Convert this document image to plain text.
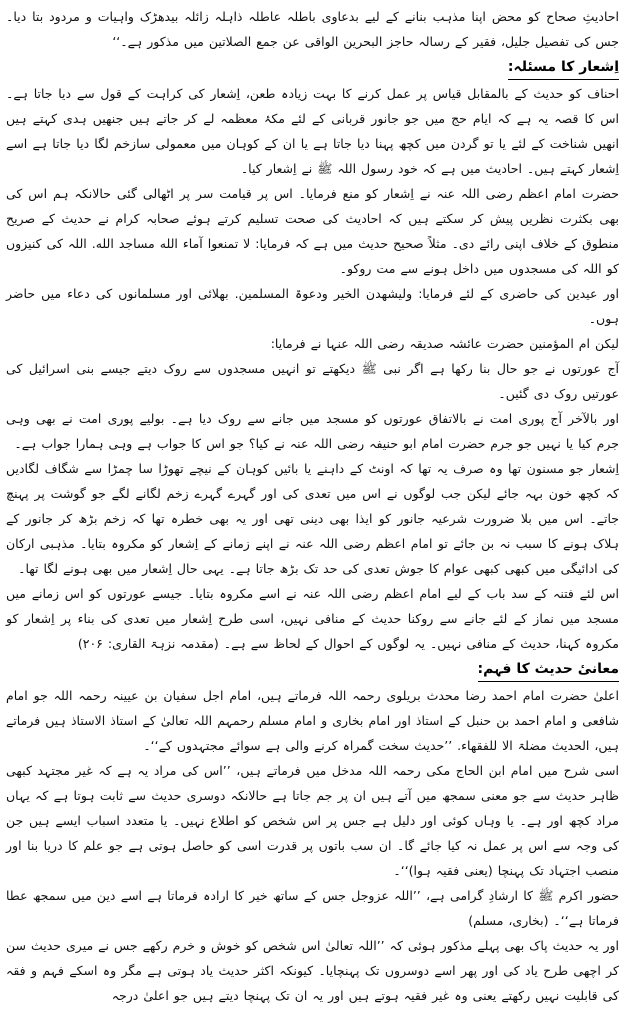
احادیثِ صحاح کو محض اپنا مذہب بنانے کے لیے بدعاوی باطلہ عاطلہ ذاہلہ زائلہ بیدھڑک واہیات و مردود بتا دیا۔ جس کی تفصیل جلیل، فقیر کے رسالہ حاجز البحرین الواقی عن جمع الصلاتین میں مذکور ہے۔‘‘

اِشعار کا مسئلہ:

احناف کو حدیث کے بالمقابل قیاس پر عمل کرنے کا بہت زیادہ طعن، اِشعار کی کراہت کے قول سے دیا جاتا ہے۔ اس کا قصہ یہ ہے کہ ایام حج میں جو جانور قربانی کے لئے مکۂ معظمہ لے کر جاتے ہیں جنھیں ہدی کہتے ہیں انھیں شناخت کے لئے یا تو گردن میں کچھ پہنا دیا جاتا ہے یا ان کے کوہان میں معمولی سازخم لگا دیا جاتا ہے اسے اِشعار کہتے ہیں۔ احادیث میں ہے کہ خود رسول اللہ ﷺ نے اِشعار کیا۔

حضرت امام اعظم رضی اللہ عنہ نے اِشعار کو منع فرمایا۔ اس پر قیامت سر پر اٹھالی گئی حالانکہ ہم اس کی بھی بکثرت نظریں پیش کر سکتے ہیں کہ احادیث کی صحت تسلیم کرتے ہوئے صحابہ کرام نے حدیث کے صریح منطوق کے خلاف اپنی رائے دی۔ مثلاً صحیح حدیث میں ہے کہ فرمایا: لا تمنعوا آماء الله مساجد الله. اللہ کی کنیزوں کو اللہ کی مسجدوں میں داخل ہونے سے مت روکو۔

اور عیدین کی حاضری کے لئے فرمایا: ولیشھدن الخیر ودعوۃ المسلمین. بھلائی اور مسلمانوں کی دعاء میں حاضر ہوں۔

لیکن ام المؤمنین حضرت عائشہ صدیقہ رضی اللہ عنہا نے فرمایا:

آج عورتوں نے جو حال بنا رکھا ہے اگر نبی ﷺ دیکھتے تو انہیں مسجدوں سے روک دیتے جیسے بنی اسرائیل کی عورتیں روک دی گئیں۔

اور بالآخر آج پوری امت نے بالاتفاق عورتوں کو مسجد میں جانے سے روک دیا ہے۔ بولیے پوری امت نے بھی وہی جرم کیا یا نہیں جو جرم حضرت امام ابو حنیفہ رضی اللہ عنہ نے کیا؟ جو اس کا جواب ہے وہی ہمارا جواب ہے۔

اِشعار جو مسنون تھا وہ صرف یہ تھا کہ اونٹ کے داہنے یا بائیں کوہان کے نیچے تھوڑا سا چمڑا سے شگاف لگادیں کہ کچھ خون بہہ جائے لیکن جب لوگوں نے اس میں تعدی کی اور گہرے گہرے زخم لگانے لگے جو گوشت پر پہنچ جاتے۔ اس میں بلا ضرورت شرعیہ جانور کو ایذا بھی دینی تھی اور یہ بھی خطرہ تھا کہ زخم بڑھ کر جانور کے ہلاک ہونے کا سبب نہ بن جائے تو امام اعظم رضی اللہ عنہ نے اپنے زمانے کے اِشعار کو مکروہ بتایا۔ مذہبی ارکان کی ادائیگی میں کبھی کبھی عوام کا جوش تعدی کی حد تک بڑھ جاتا ہے۔ یہی حال اِشعار میں بھی ہونے لگا تھا۔

اس لئے فتنہ کے سد باب کے لیے امام اعظم رضی اللہ عنہ نے اسے مکروہ بتایا۔ جیسے عورتوں کو اس زمانے میں مسجد میں نماز کے لئے جانے سے روکنا حدیث کے منافی نہیں، اسی طرح اِشعار میں تعدی کی بناء پر اِشعار کو مکروہ کہنا، حدیث کے منافی نہیں۔ یہ لوگوں کے احوال کے لحاظ سے ہے۔ (مقدمہ نزہۃ القاری: ۲۰۶)

معانیٔ حدیث کا فہم:

اعلیٰ حضرت امام احمد رضا محدث بریلوی رحمہ اللہ فرماتے ہیں، امام اجل سفیان بن عیینہ رحمہ اللہ جو امام شافعی و امام احمد بن حنبل کے استاذ اور امام بخاری و امام مسلم رحمہم اللہ تعالیٰ کے استاذ الاستاذ ہیں فرماتے ہیں، الحدیث مضلۃ الا للفقھاء. ’’حدیث سخت گمراہ کرنے والی ہے سوائے مجتہدوں کے‘‘۔

اسی شرح میں امام ابن الحاج مکی رحمہ اللہ مدخل میں فرماتے ہیں، ’’اس کی مراد یہ ہے کہ غیر مجتہد کبھی ظاہر حدیث سے جو معنی سمجھ میں آتے ہیں ان پر جم جاتا ہے حالانکہ دوسری حدیث سے ثابت ہوتا ہے کہ یہاں مراد کچھ اور ہے۔ یا وہاں کوئی اور دلیل ہے جس پر اس شخص کو اطلاع نہیں۔ یا متعدد اسباب ایسے ہیں جن کی وجہ سے اس پر عمل نہ کیا جائے گا۔ ان سب باتوں پر قدرت اسی کو حاصل ہوتی ہے جو علم کا دریا بنا اور منصب اجتہاد تک پہنچا (یعنی فقیہ ہوا)‘‘۔

حضور اکرم ﷺ کا ارشادِ گرامی ہے، ’’اللہ عزوجل جس کے ساتھ خیر کا ارادہ فرماتا ہے اسے دین میں سمجھ عطا فرماتا ہے‘‘۔ (بخاری، مسلم)

اور یہ حدیث پاک بھی پہلے مذکور ہوئی کہ ’’اللہ تعالیٰ اس شخص کو خوش و خرم رکھے جس نے میری حدیث سن کر اچھی طرح یاد کی اور پھر اسے دوسروں تک پہنچایا۔ کیونکہ اکثر حدیث یاد ہوتی ہے مگر وہ اسکے فہم و فقہ کی قابلیت نہیں رکھتے یعنی وہ غیر فقیہ ہوتے ہیں اور یہ ان تک پہنچا دیتے ہیں جو اعلیٰ درجہ
